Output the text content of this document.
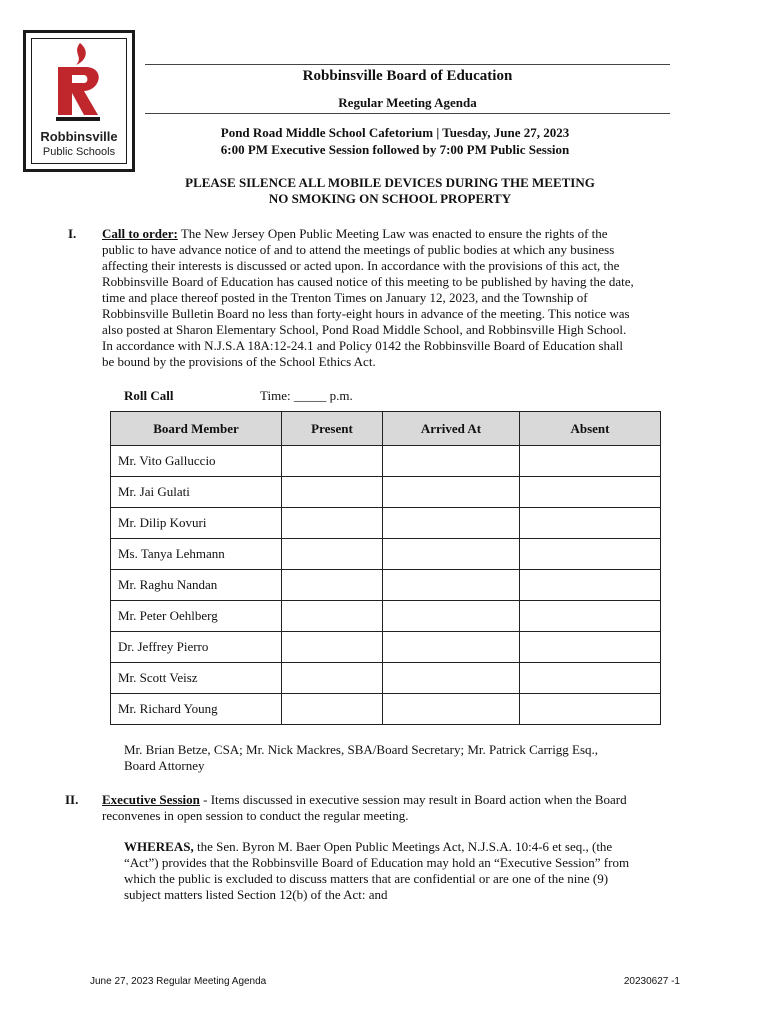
Robbinsville
Public Schools
Robbinsville Board of Education
Regular Meeting Agenda
Pond Road Middle School Cafetorium | Tuesday, June 27, 2023
6:00 PM Executive Session followed by 7:00 PM Public Session
PLEASE SILENCE ALL MOBILE DEVICES DURING THE MEETING
NO SMOKING ON SCHOOL PROPERTY
I. Call to order: The New Jersey Open Public Meeting Law was enacted to ensure the rights of the
public to have advance notice of and to attend the meetings of public bodies at which any business
affecting their interests is discussed or acted upon. In accordance with the provisions of this act, the
Robbinsville Board of Education has caused notice of this meeting to be published by having the date,
time and place thereof posted in the Trenton Times on January 12, 2023, and the Township of
Robbinsville Bulletin Board no less than forty-eight hours in advance of the meeting. This notice was
also posted at Sharon Elementary School, Pond Road Middle School, and Robbinsville High School.
In accordance with N.J.S.A 18A:12-24.1 and Policy 0142 the Robbinsville Board of Education shall
be bound by the provisions of the School Ethics Act.
Roll Call	Time: _____ p.m.
Board Member	Present	Arrived At	Absent
Mr. Vito Galluccio			
Mr. Jai Gulati			
Mr. Dilip Kovuri			
Ms. Tanya Lehmann			
Mr. Raghu Nandan			
Mr. Peter Oehlberg			
Dr. Jeffrey Pierro			
Mr. Scott Veisz			
Mr. Richard Young			
Mr. Brian Betze, CSA; Mr. Nick Mackres, SBA/Board Secretary; Mr. Patrick Carrigg Esq.,
Board Attorney
II. Executive Session - Items discussed in executive session may result in Board action when the Board
reconvenes in open session to conduct the regular meeting.
WHEREAS, the Sen. Byron M. Baer Open Public Meetings Act, N.J.S.A. 10:4-6 et seq., (the
“Act”) provides that the Robbinsville Board of Education may hold an “Executive Session” from
which the public is excluded to discuss matters that are confidential or are one of the nine (9)
subject matters listed Section 12(b) of the Act: and
June 27, 2023 Regular Meeting Agenda	20230627 -1
